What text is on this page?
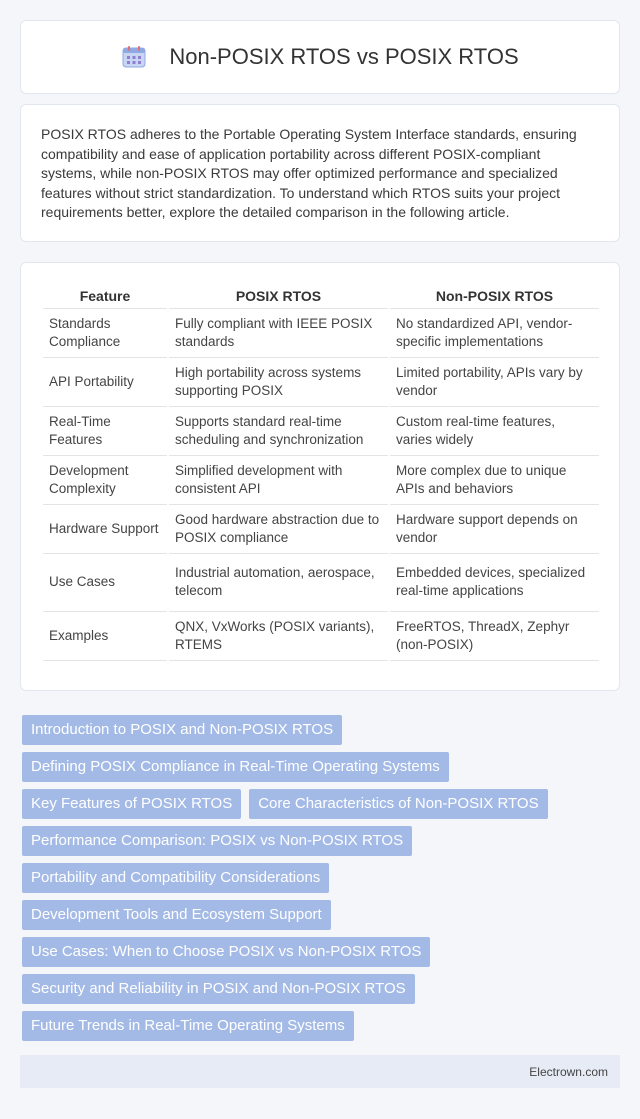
Non-POSIX RTOS vs POSIX RTOS

POSIX RTOS adheres to the Portable Operating System Interface standards, ensuring compatibility and ease of application portability across different POSIX-compliant systems, while non-POSIX RTOS may offer optimized performance and specialized features without strict standardization. To understand which RTOS suits your project requirements better, explore the detailed comparison in the following article.

Feature	POSIX RTOS	Non-POSIX RTOS
Standards Compliance	Fully compliant with IEEE POSIX standards	No standardized API, vendor-specific implementations
API Portability	High portability across systems supporting POSIX	Limited portability, APIs vary by vendor
Real-Time Features	Supports standard real-time scheduling and synchronization	Custom real-time features, varies widely
Development Complexity	Simplified development with consistent API	More complex due to unique APIs and behaviors
Hardware Support	Good hardware abstraction due to POSIX compliance	Hardware support depends on vendor
Use Cases	Industrial automation, aerospace, telecom	Embedded devices, specialized real-time applications
Examples	QNX, VxWorks (POSIX variants), RTEMS	FreeRTOS, ThreadX, Zephyr (non-POSIX)
Introduction to POSIX and Non-POSIX RTOS
Defining POSIX Compliance in Real-Time Operating Systems
Key Features of POSIX RTOS	Core Characteristics of Non-POSIX RTOS
Performance Comparison: POSIX vs Non-POSIX RTOS
Portability and Compatibility Considerations
Development Tools and Ecosystem Support
Use Cases: When to Choose POSIX vs Non-POSIX RTOS
Security and Reliability in POSIX and Non-POSIX RTOS
Future Trends in Real-Time Operating Systems
Electrown.com
